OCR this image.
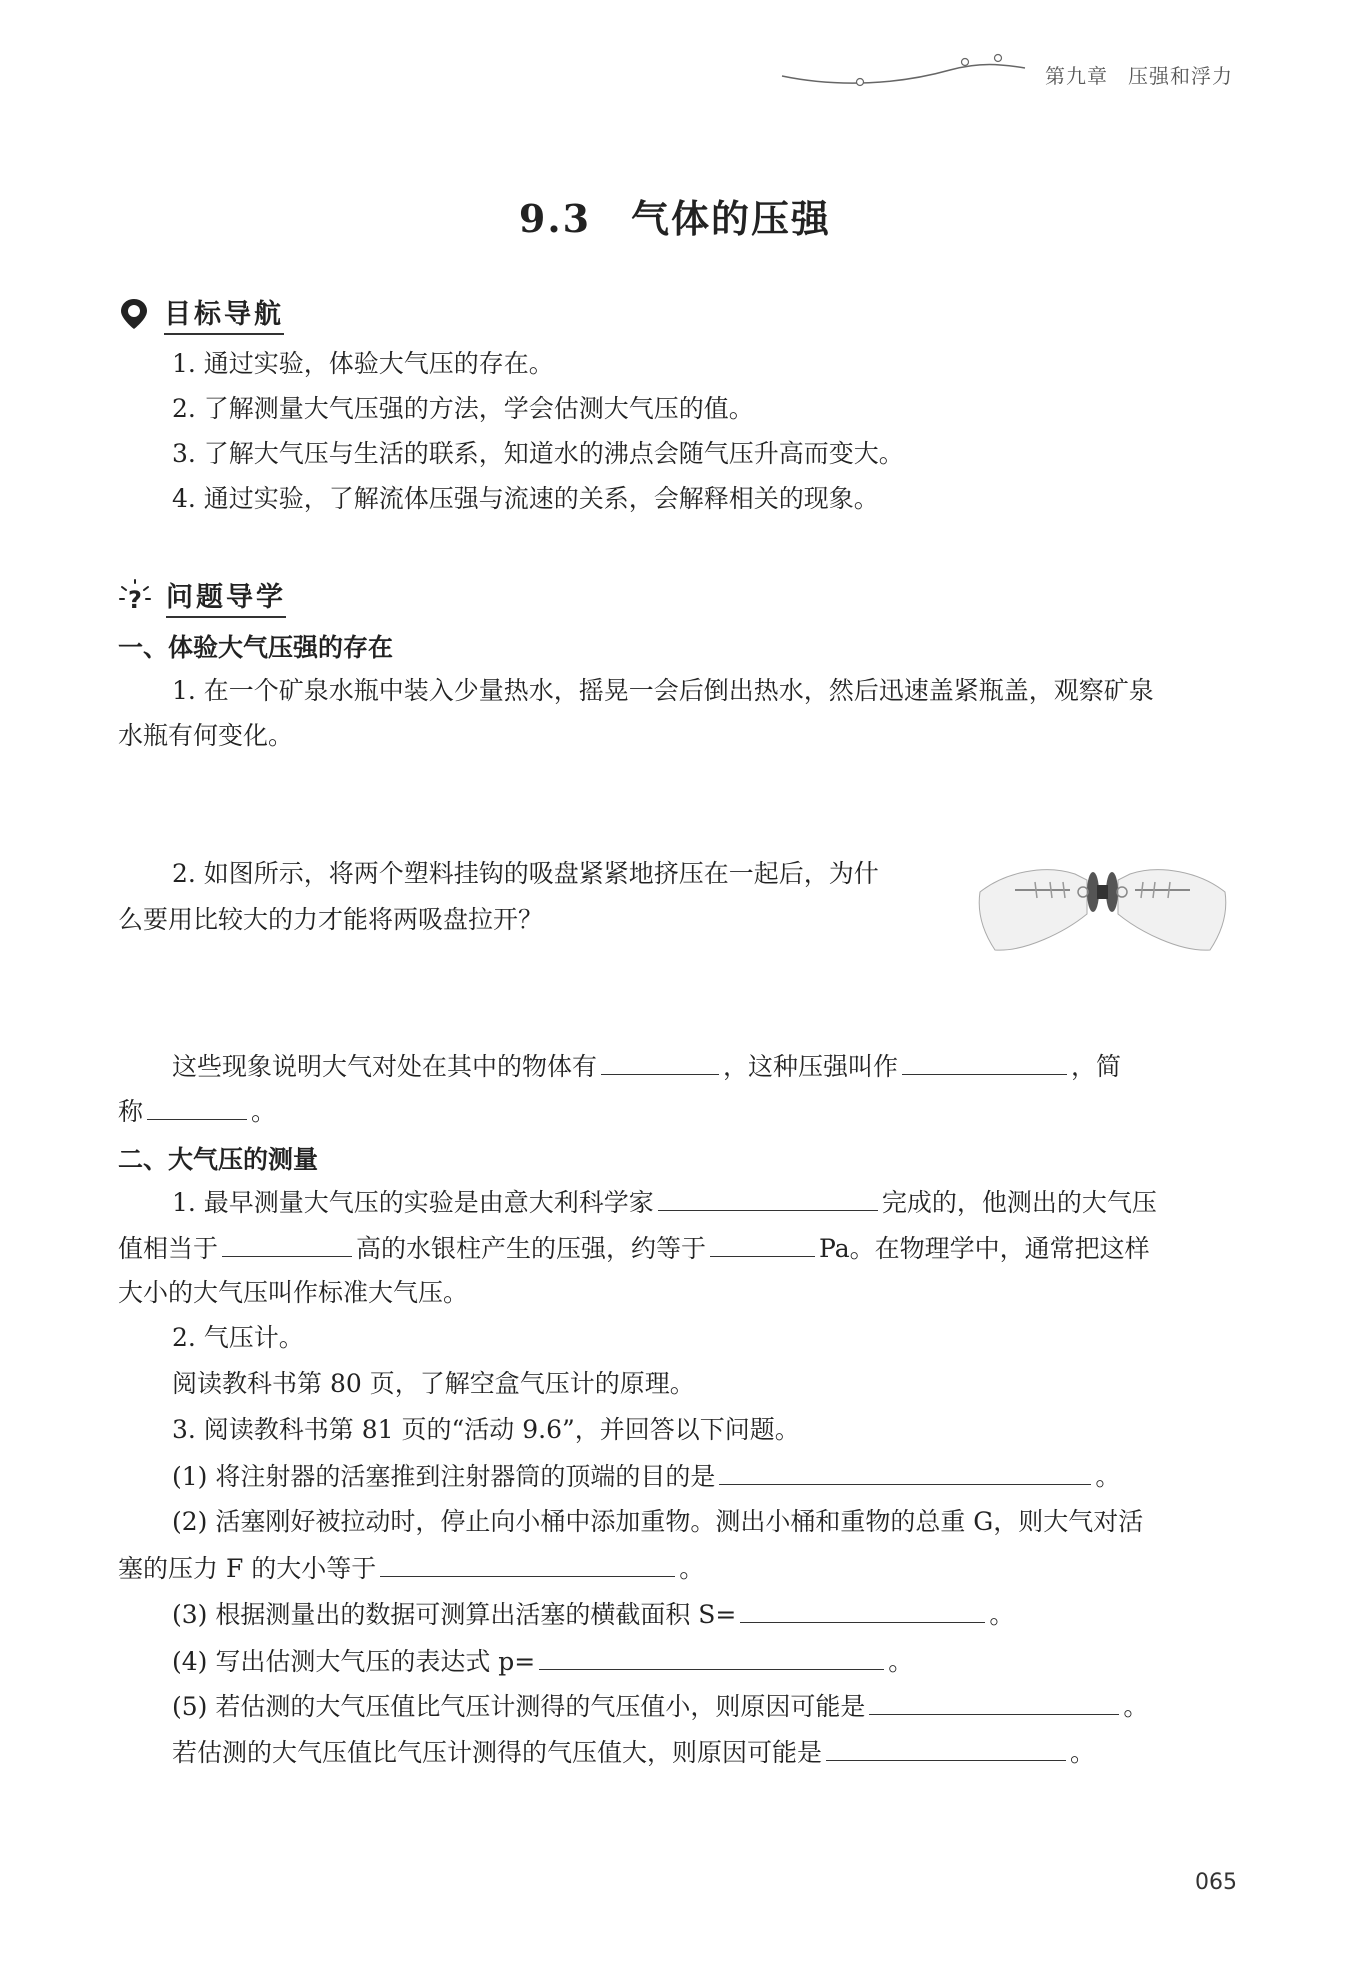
第九章 压强和浮力
9.3 气体的压强
目标导航
1. 通过实验，体验大气压的存在。
2. 了解测量大气压强的方法，学会估测大气压的值。
3. 了解大气压与生活的联系，知道水的沸点会随气压升高而变大。
4. 通过实验，了解流体压强与流速的关系，会解释相关的现象。
? 问题导学
一、体验大气压强的存在
1. 在一个矿泉水瓶中装入少量热水，摇晃一会后倒出热水，然后迅速盖紧瓶盖，观察矿泉
水瓶有何变化。
2. 如图所示，将两个塑料挂钩的吸盘紧紧地挤压在一起后，为什
么要用比较大的力才能将两吸盘拉开？
这些现象说明大气对处在其中的物体有	，这种压强叫作	，简
称	。
二、大气压的测量
1. 最早测量大气压的实验是由意大利科学家	完成的，他测出的大气压
值相当于	高的水银柱产生的压强，约等于	Pa。在物理学中，通常把这样
大小的大气压叫作标准大气压。
2. 气压计。
阅读教科书第 80 页，了解空盒气压计的原理。
3. 阅读教科书第 81 页的“活动 9.6”，并回答以下问题。
(1) 将注射器的活塞推到注射器筒的顶端的目的是	。
(2) 活塞刚好被拉动时，停止向小桶中添加重物。测出小桶和重物的总重 G，则大气对活
塞的压力 F 的大小等于	。
(3) 根据测量出的数据可测算出活塞的横截面积 S=	。
(4) 写出估测大气压的表达式 p=	。
(5) 若估测的大气压值比气压计测得的气压值小，则原因可能是	。
若估测的大气压值比气压计测得的气压值大，则原因可能是	。
065
